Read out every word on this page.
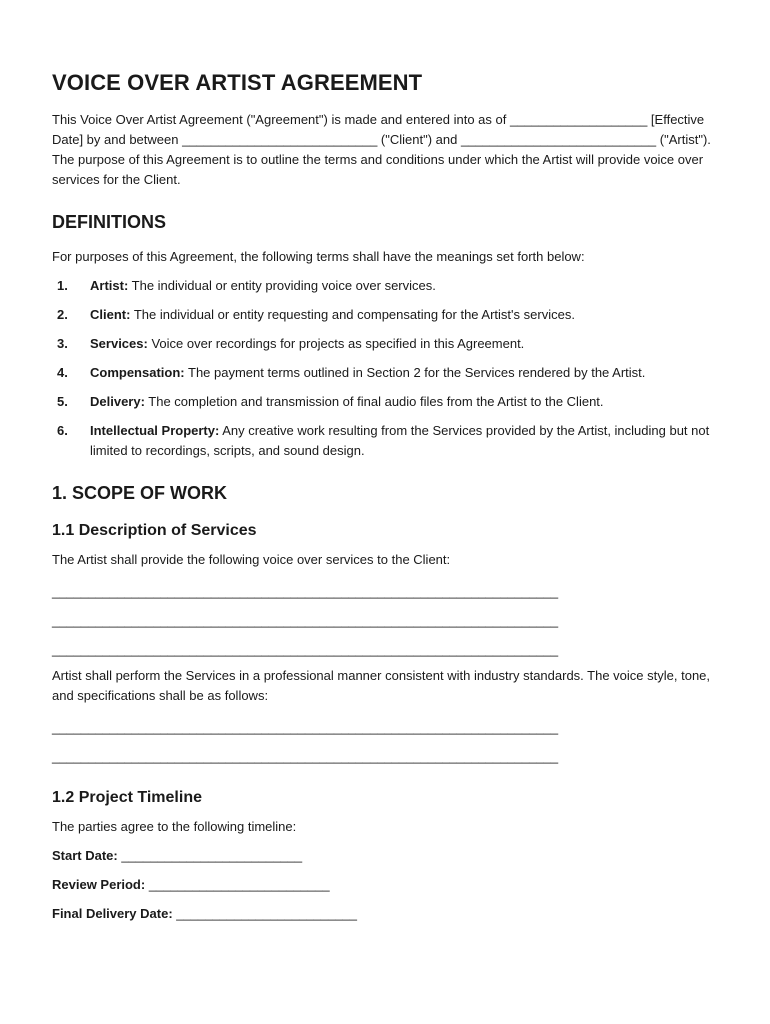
VOICE OVER ARTIST AGREEMENT

This Voice Over Artist Agreement ("Agreement") is made and entered into as of ___________________ [Effective Date] by and between ___________________________ ("Client") and ___________________________ ("Artist"). The purpose of this Agreement is to outline the terms and conditions under which the Artist will provide voice over services for the Client.

DEFINITIONS

For purposes of this Agreement, the following terms shall have the meanings set forth below:

1.	Artist: The individual or entity providing voice over services.
2.	Client: The individual or entity requesting and compensating for the Artist's services.
3.	Services: Voice over recordings for projects as specified in this Agreement.
4.	Compensation: The payment terms outlined in Section 2 for the Services rendered by the Artist.
5.	Delivery: The completion and transmission of final audio files from the Artist to the Client.
6.	Intellectual Property: Any creative work resulting from the Services provided by the Artist, including but not limited to recordings, scripts, and sound design.
1. SCOPE OF WORK
1.1 Description of Services

The Artist shall provide the following voice over services to the Client:

______________________________________________________________________

______________________________________________________________________

______________________________________________________________________

Artist shall perform the Services in a professional manner consistent with industry standards. The voice style, tone, and specifications shall be as follows:

______________________________________________________________________

______________________________________________________________________

1.2 Project Timeline

The parties agree to the following timeline:

Start Date: _________________________
Review Period: _________________________
Final Delivery Date: _________________________
